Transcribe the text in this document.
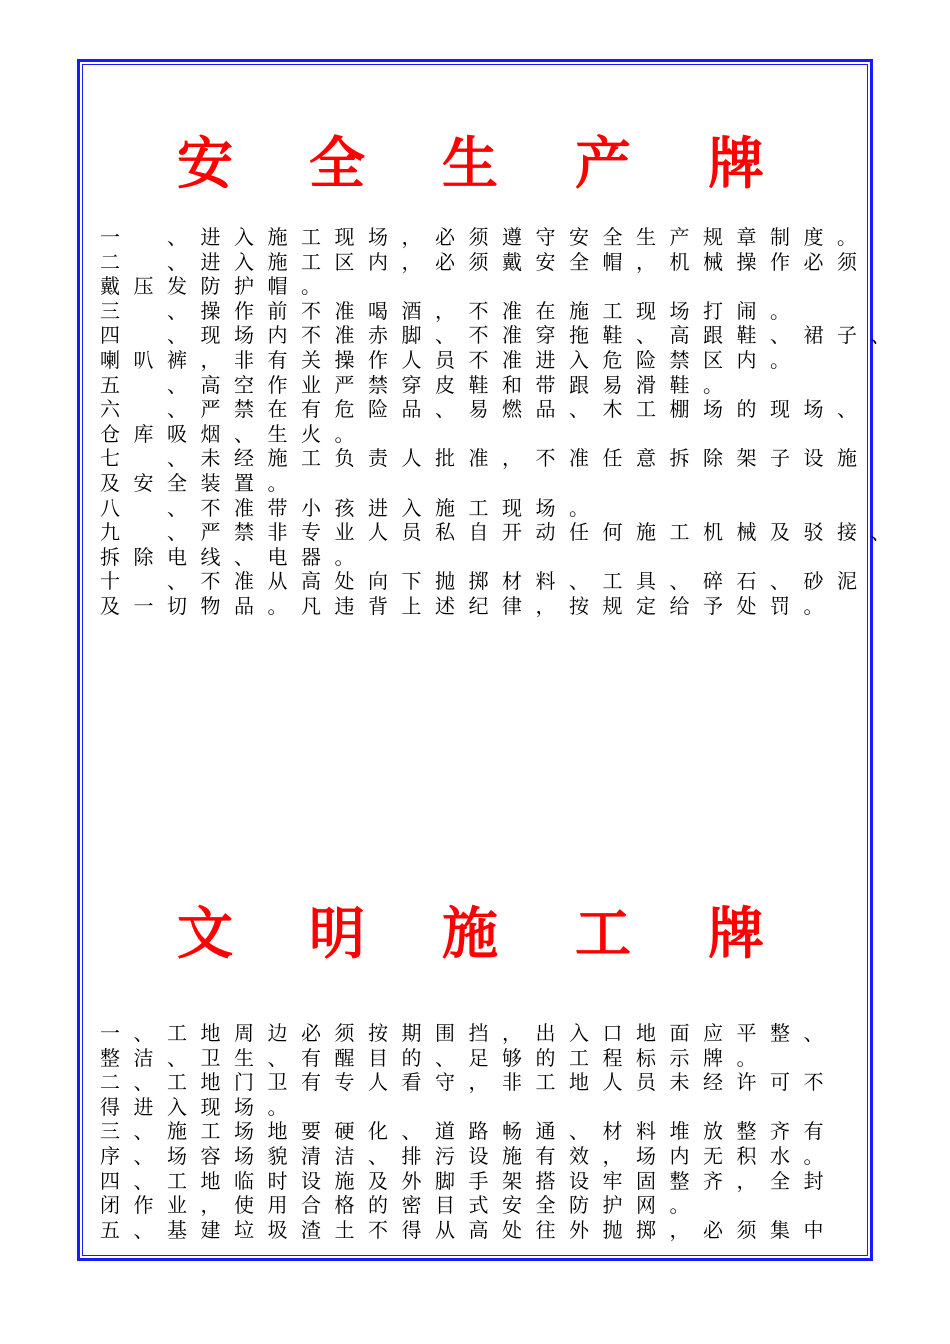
安 全 生 产 牌
一　、进入施工现场，必须遵守安全生产规章制度。
二　、进入施工区内，必须戴安全帽，机械操作必须
戴压发防护帽。
三　、操作前不准喝酒，不准在施工现场打闹。
四　、现场内不准赤脚、不准穿拖鞋、高跟鞋、裙子、
喇叭裤，非有关操作人员不准进入危险禁区内。
五　、高空作业严禁穿皮鞋和带跟易滑鞋。
六　、严禁在有危险品、易燃品、木工棚场的现场、
仓库吸烟、生火。
七　、未经施工负责人批准，不准任意拆除架子设施
及安全装置。
八　、不准带小孩进入施工现场。
九　、严禁非专业人员私自开动任何施工机械及驳接、
拆除电线、电器。
十　、不准从高处向下抛掷材料、工具、碎石、砂泥
及一切物品。凡违背上述纪律，按规定给予处罚。
文 明 施 工 牌
一、工地周边必须按期围挡，出入口地面应平整、
整洁、卫生、有醒目的、足够的工程标示牌。
二、工地门卫有专人看守，非工地人员未经许可不
得进入现场。
三、施工场地要硬化、道路畅通、材料堆放整齐有
序、场容场貌清洁、排污设施有效，场内无积水。
四、工地临时设施及外脚手架搭设牢固整齐，全封
闭作业，使用合格的密目式安全防护网。
五、基建垃圾渣土不得从高处往外抛掷，必须集中
